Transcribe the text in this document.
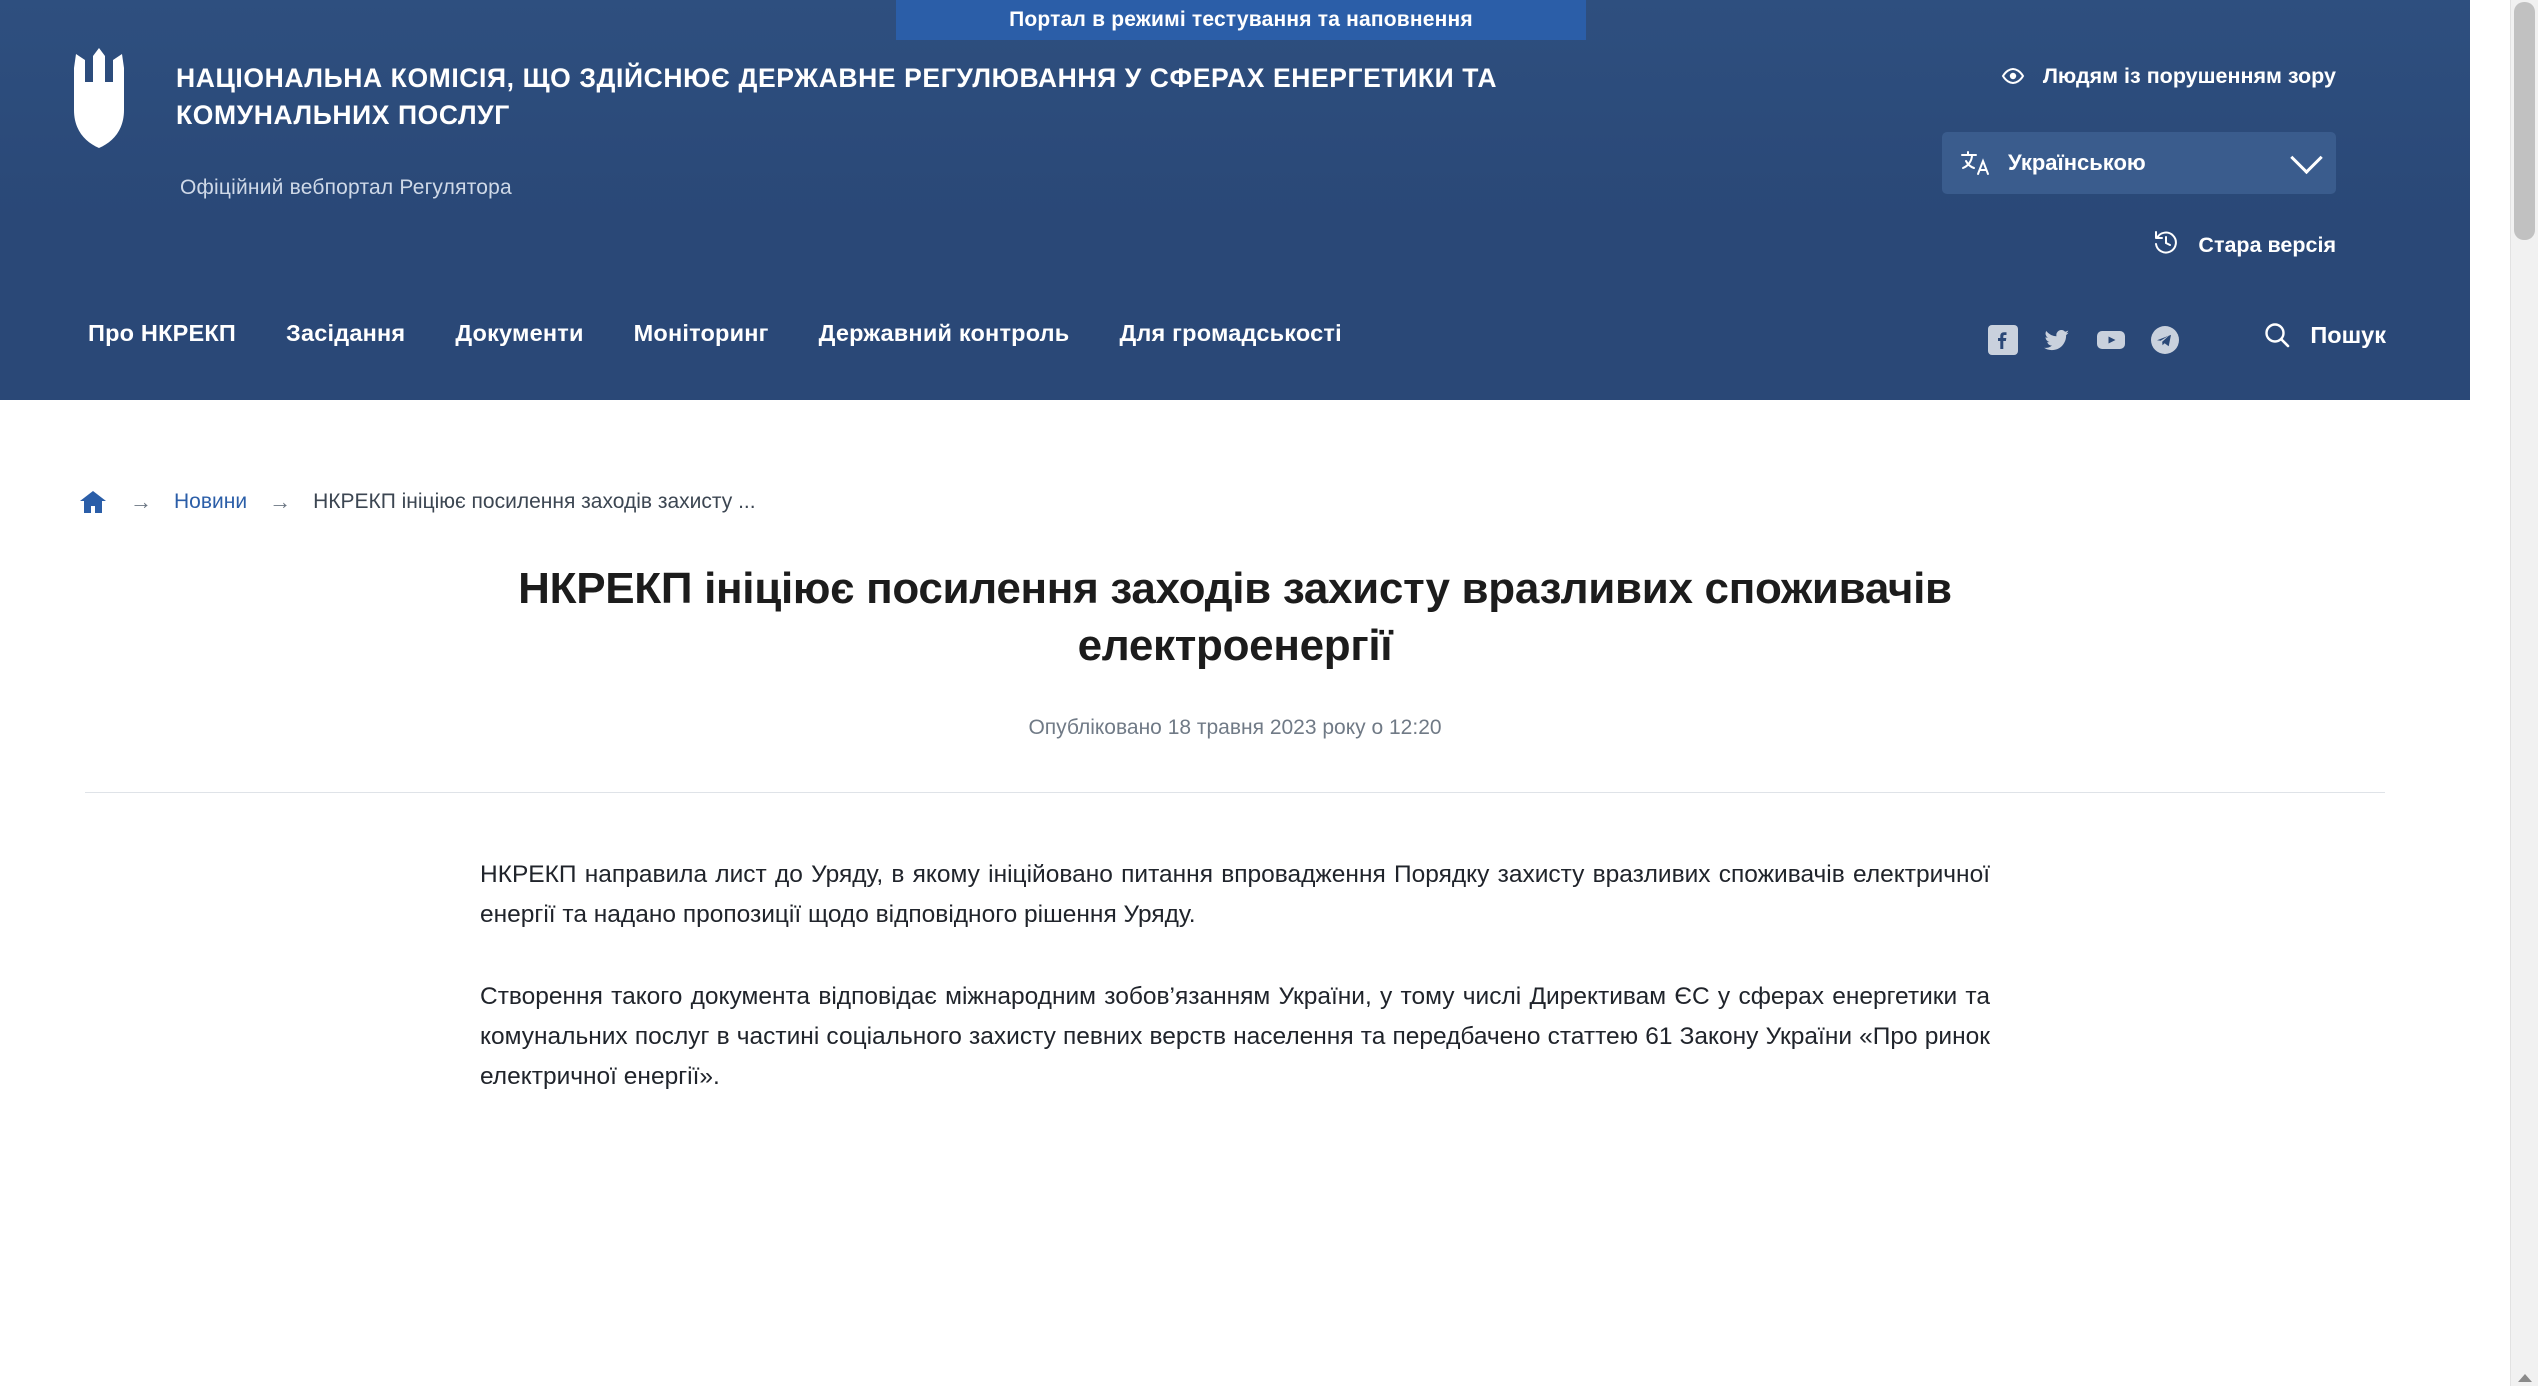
НАЦІОНАЛЬНА КОМІСІЯ, ЩО ЗДІЙСНЮЄ ДЕРЖАВНЕ РЕГУЛЮВАННЯ У СФЕРАХ ЕНЕРГЕТИКИ ТА КОМУНАЛЬНИХ ПОСЛУГ
Офіційний вебпортал Регулятора
Людям із порушенням зору
Українською
Стара версія
Про НКРЕКП Засідання Документи Моніторинг Державний контроль Для громадськості	Пошук
Портал в режимі тестування та наповнення
→ Новини → НКРЕКП ініціює посилення заходів захисту ...
НКРЕКП ініціює посилення заходів захисту вразливих споживачів електроенергії
Опубліковано 18 травня 2023 року о 12:20

НКРЕКП направила лист до Уряду, в якому ініційовано питання впровадження Порядку захисту вразливих споживачів електричної енергії та надано пропозиції щодо відповідного рішення Уряду.

Створення такого документа відповідає міжнародним зобов’язанням України, у тому числі Директивам ЄС у сферах енергетики та комунальних послуг в частині соціального захисту певних верств населення та передбачено статтею 61 Закону України «Про ринок електричної енергії».
